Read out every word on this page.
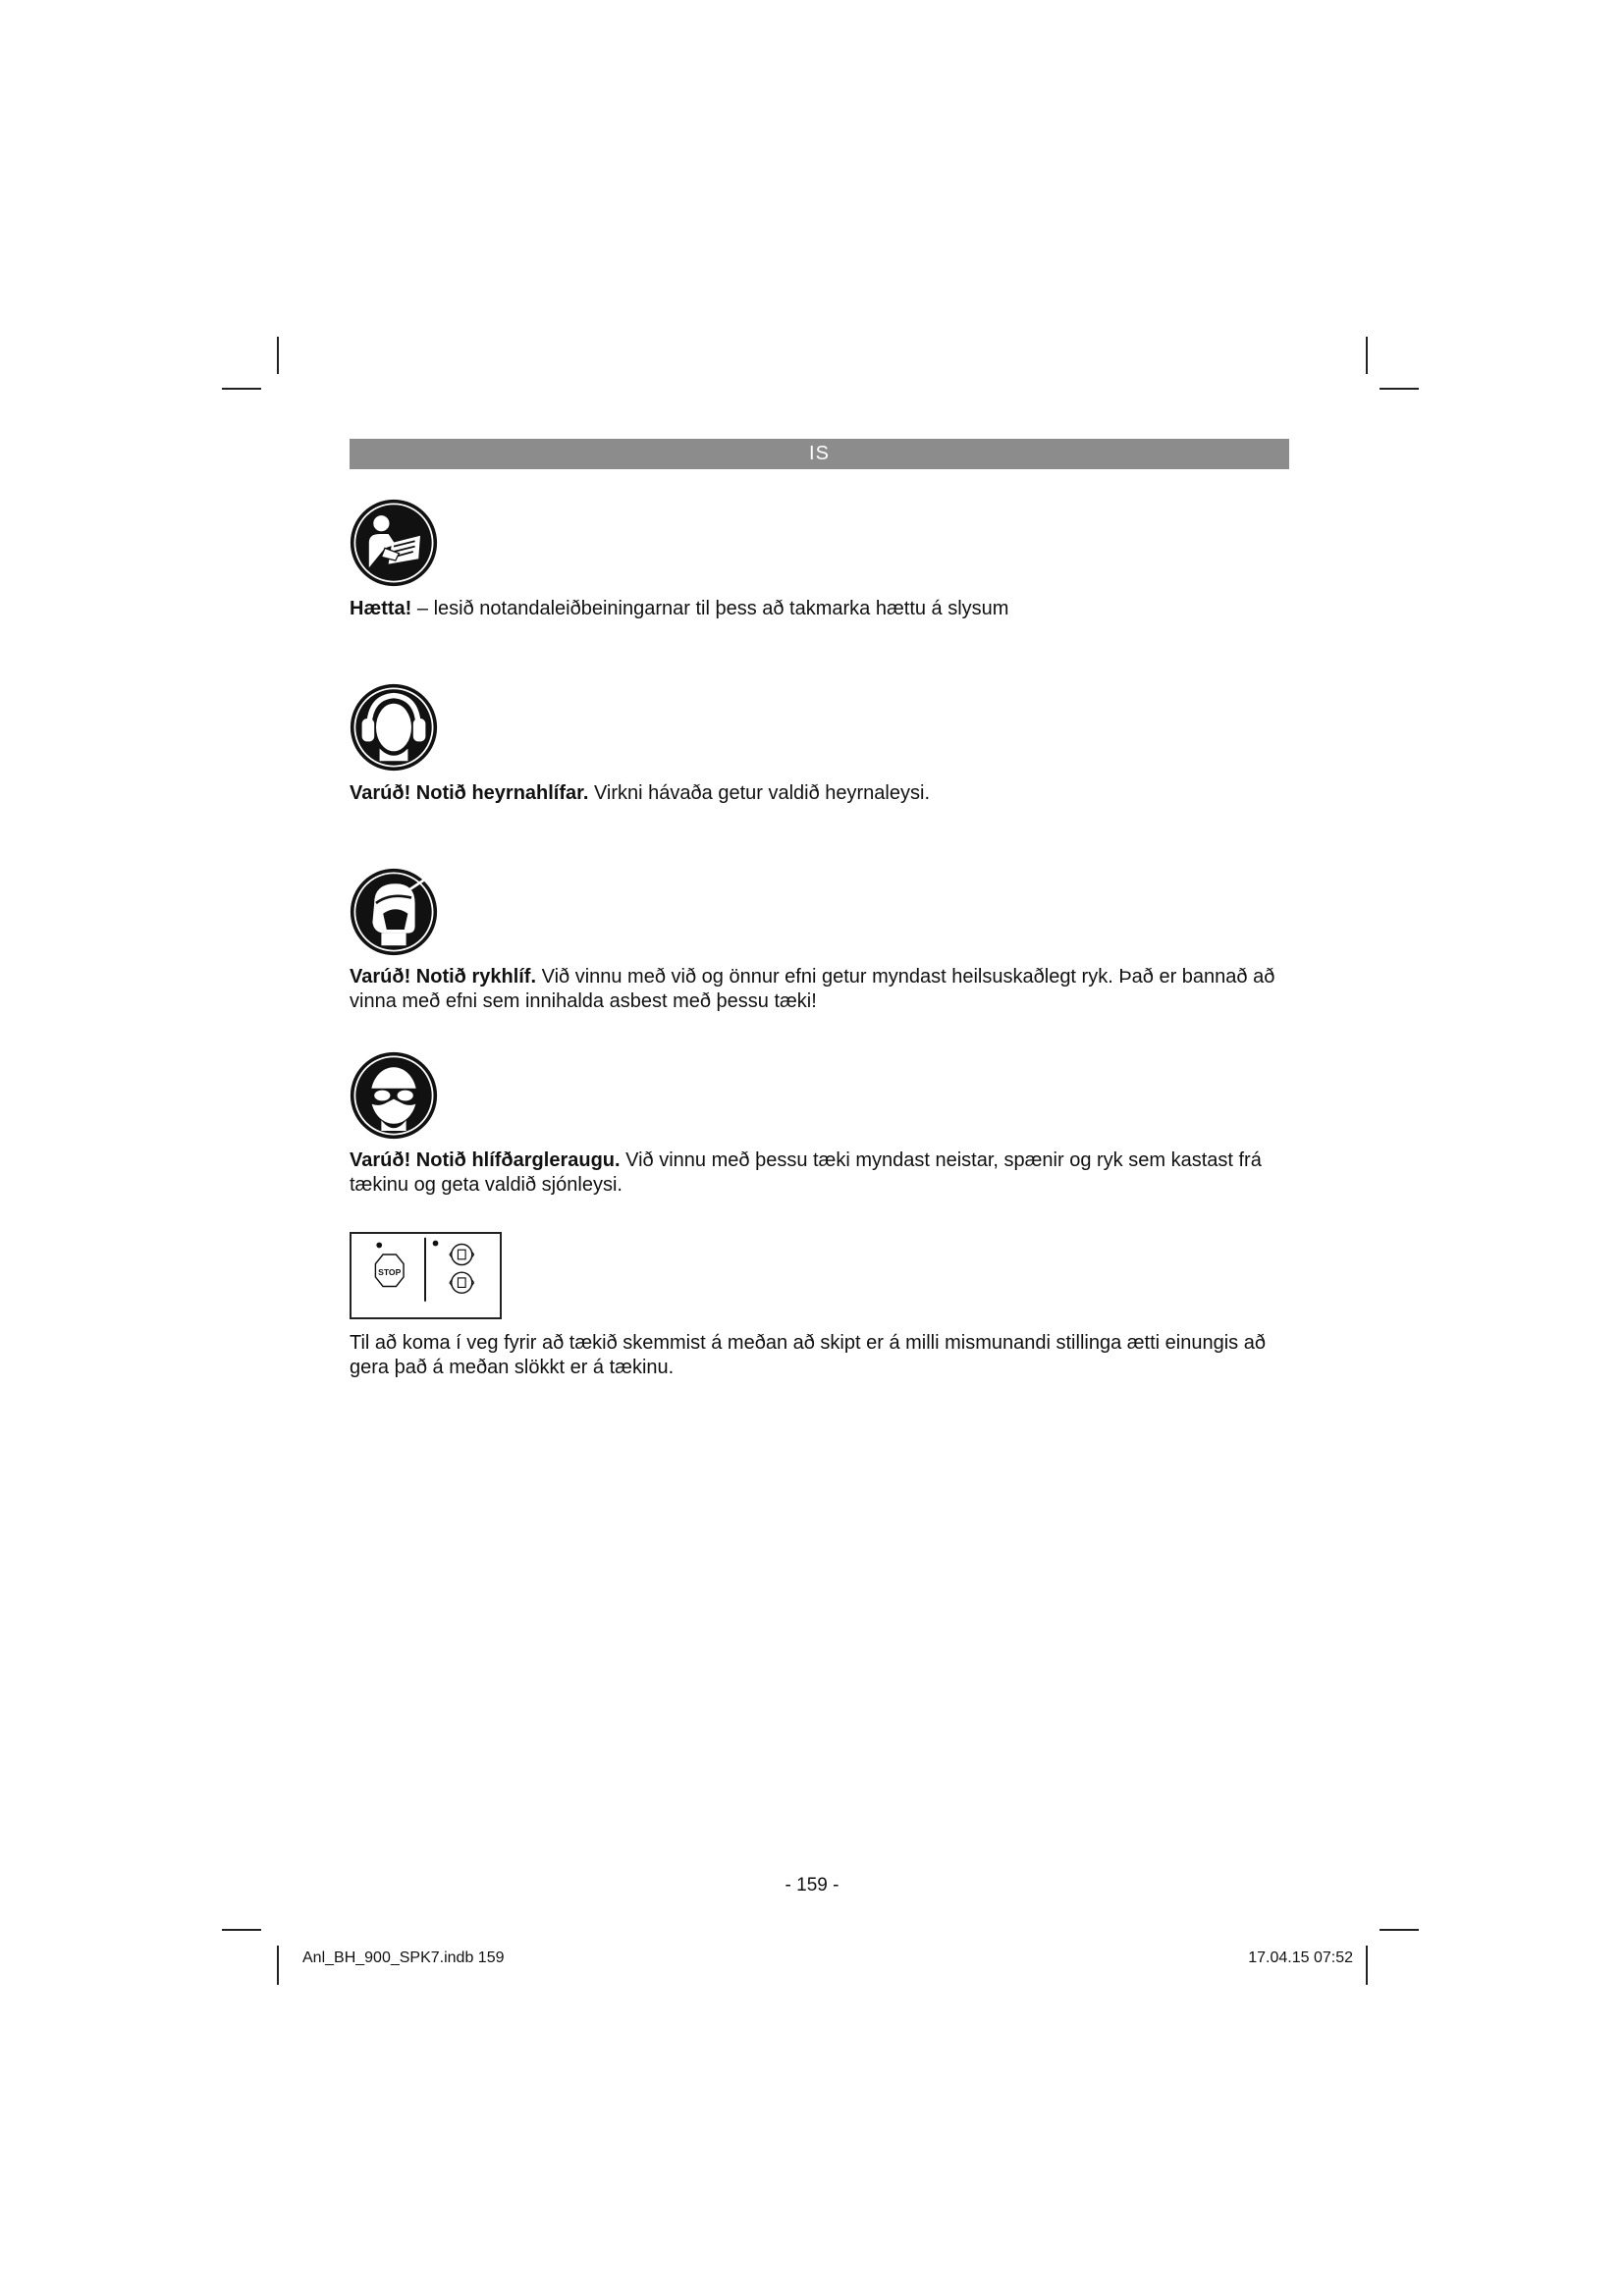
IS

Hætta! – lesið notandaleiðbeiningarnar til þess að takmarka hættu á slysum

Varúð! Notið heyrnahlífar. Virkni hávaða getur valdið heyrnaleysi.

Varúð! Notið rykhlíf. Við vinnu með við og önnur efni getur myndast heilsuskaðlegt ryk. Það er bannað að vinna með efni sem innihalda asbest með þessu tæki!

Varúð! Notið hlífðargleraugu. Við vinnu með þessu tæki myndast neistar, spænir og ryk sem kastast frá tækinu og geta valdið sjónleysi.

STOP

Til að koma í veg fyrir að tækið skemmist á meðan að skipt er á milli mismunandi stillinga ætti einungis að gera það á meðan slökkt er á tækinu.

- 159 -
Anl_BH_900_SPK7.indb 159	17.04.15 07:52
